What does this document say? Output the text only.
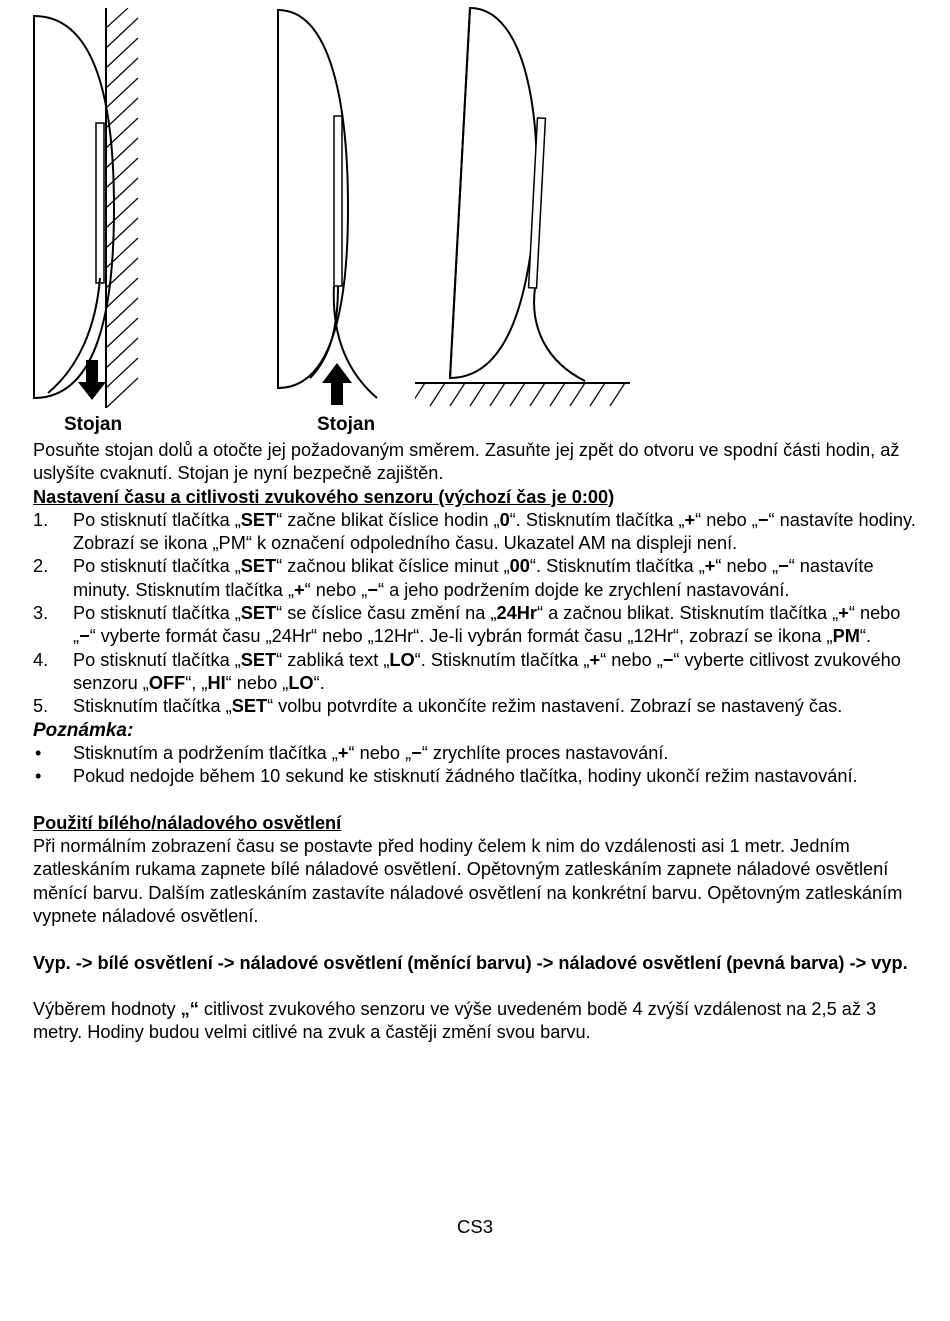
Stojan	Stojan

Posuňte stojan dolů a otočte jej požadovaným směrem. Zasuňte jej zpět do otvoru ve spodní části hodin, až uslyšíte cvaknutí. Stojan je nyní bezpečně zajištěn.

Nastavení času a citlivosti zvukového senzoru (výchozí čas je 0:00)

1. Po stisknutí tlačítka „SET“ začne blikat číslice hodin „0“. Stisknutím tlačítka „+“ nebo „−“ nastavíte hodiny. Zobrazí se ikona „PM“ k označení odpoledního času. Ukazatel AM na displeji není.
2. Po stisknutí tlačítka „SET“ začnou blikat číslice minut „00“. Stisknutím tlačítka „+“ nebo „−“ nastavíte minuty. Stisknutím tlačítka „+“ nebo „−“ a jeho podržením dojde ke zrychlení nastavování.
3. Po stisknutí tlačítka „SET“ se číslice času změní na „24Hr“ a začnou blikat. Stisknutím tlačítka „+“ nebo „−“ vyberte formát času „24Hr“ nebo „12Hr“. Je-li vybrán formát času „12Hr“, zobrazí se ikona „PM“.
4. Po stisknutí tlačítka „SET“ zabliká text „LO“. Stisknutím tlačítka „+“ nebo „−“ vyberte citlivost zvukového senzoru „OFF“, „HI“ nebo „LO“.
5. Stisknutím tlačítka „SET“ volbu potvrdíte a ukončíte režim nastavení. Zobrazí se nastavený čas.

Poznámka:

• Stisknutím a podržením tlačítka „+“ nebo „−“ zrychlíte proces nastavování.
• Pokud nedojde během 10 sekund ke stisknutí žádného tlačítka, hodiny ukončí režim nastavování.

Použití bílého/náladového osvětlení

Při normálním zobrazení času se postavte před hodiny čelem k nim do vzdálenosti asi 1 metr. Jedním zatleskáním rukama zapnete bílé náladové osvětlení. Opětovným zatleskáním zapnete náladové osvětlení měnící barvu. Dalším zatleskáním zastavíte náladové osvětlení na konkrétní barvu. Opětovným zatleskáním vypnete náladové osvětlení.

Vyp. -> bílé osvětlení -> náladové osvětlení (měnící barvu) -> náladové osvětlení (pevná barva) -> vyp.

Výběrem hodnoty „“ citlivost zvukového senzoru ve výše uvedeném bodě 4 zvýší vzdálenost na 2,5 až 3 metry. Hodiny budou velmi citlivé na zvuk a častěji změní svou barvu.

CS3
